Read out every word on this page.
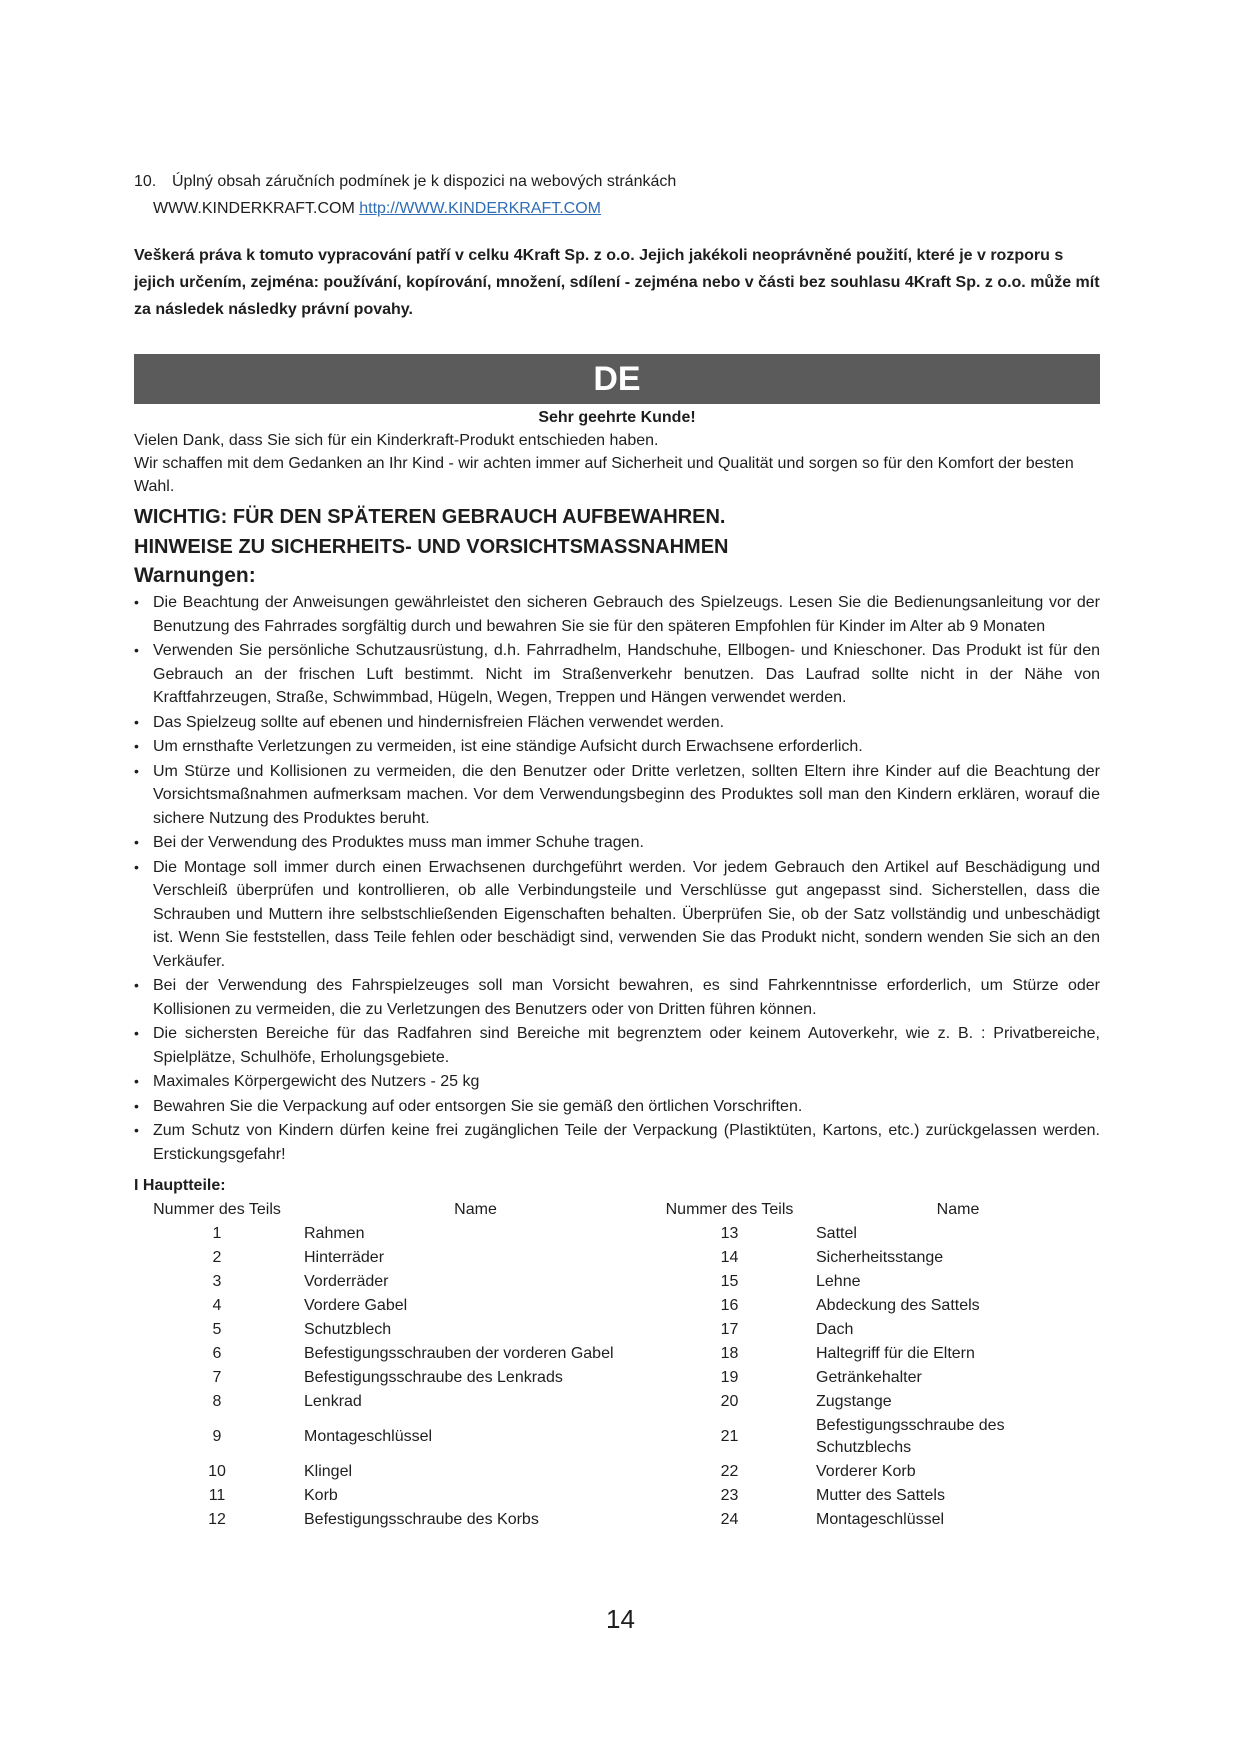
10. Úplný obsah záručních podmínek je k dispozici na webových stránkách
WWW.KINDERKRAFT.COM http://WWW.KINDERKRAFT.COM
Veškerá práva k tomuto vypracování patří v celku 4Kraft Sp. z o.o. Jejich jakékoli neoprávněné použití, které je v rozporu s jejich určením, zejména: používání, kopírování, množení, sdílení - zejména nebo v části bez souhlasu 4Kraft Sp. z o.o. může mít za následek následky právní povahy.
DE
Sehr geehrte Kunde!
Vielen Dank, dass Sie sich für ein Kinderkraft-Produkt entschieden haben.
Wir schaffen mit dem Gedanken an Ihr Kind - wir achten immer auf Sicherheit und Qualität und sorgen so für den Komfort der besten Wahl.
WICHTIG: FÜR DEN SPÄTEREN GEBRAUCH AUFBEWAHREN.
HINWEISE ZU SICHERHEITS- UND VORSICHTSMASSNAHMEN
Warnungen:
• Die Beachtung der Anweisungen gewährleistet den sicheren Gebrauch des Spielzeugs. Lesen Sie die Bedienungsanleitung vor der Benutzung des Fahrrades sorgfältig durch und bewahren Sie sie für den späteren Empfohlen für Kinder im Alter ab 9 Monaten
• Verwenden Sie persönliche Schutzausrüstung, d.h. Fahrradhelm, Handschuhe, Ellbogen- und Knieschoner. Das Produkt ist für den Gebrauch an der frischen Luft bestimmt. Nicht im Straßenverkehr benutzen. Das Laufrad sollte nicht in der Nähe von Kraftfahrzeugen, Straße, Schwimmbad, Hügeln, Wegen, Treppen und Hängen verwendet werden.
• Das Spielzeug sollte auf ebenen und hindernisfreien Flächen verwendet werden.
• Um ernsthafte Verletzungen zu vermeiden, ist eine ständige Aufsicht durch Erwachsene erforderlich.
• Um Stürze und Kollisionen zu vermeiden, die den Benutzer oder Dritte verletzen, sollten Eltern ihre Kinder auf die Beachtung der Vorsichtsmaßnahmen aufmerksam machen. Vor dem Verwendungsbeginn des Produktes soll man den Kindern erklären, worauf die sichere Nutzung des Produktes beruht.
• Bei der Verwendung des Produktes muss man immer Schuhe tragen.
• Die Montage soll immer durch einen Erwachsenen durchgeführt werden. Vor jedem Gebrauch den Artikel auf Beschädigung und Verschleiß überprüfen und kontrollieren, ob alle Verbindungsteile und Verschlüsse gut angepasst sind. Sicherstellen, dass die Schrauben und Muttern ihre selbstschließenden Eigenschaften behalten. Überprüfen Sie, ob der Satz vollständig und unbeschädigt ist. Wenn Sie feststellen, dass Teile fehlen oder beschädigt sind, verwenden Sie das Produkt nicht, sondern wenden Sie sich an den Verkäufer.
• Bei der Verwendung des Fahrspielzeuges soll man Vorsicht bewahren, es sind Fahrkenntnisse erforderlich, um Stürze oder Kollisionen zu vermeiden, die zu Verletzungen des Benutzers oder von Dritten führen können.
• Die sichersten Bereiche für das Radfahren sind Bereiche mit begrenztem oder keinem Autoverkehr, wie z. B. : Privatbereiche, Spielplätze, Schulhöfe, Erholungsgebiete.
• Maximales Körpergewicht des Nutzers - 25 kg
• Bewahren Sie die Verpackung auf oder entsorgen Sie sie gemäß den örtlichen Vorschriften.
• Zum Schutz von Kindern dürfen keine frei zugänglichen Teile der Verpackung (Plastiktüten, Kartons, etc.) zurückgelassen werden. Erstickungsgefahr!
I Hauptteile:
Nummer des Teils	Name	Nummer des Teils	Name
1	Rahmen	13	Sattel
2	Hinterräder	14	Sicherheitsstange
3	Vorderräder	15	Lehne
4	Vordere Gabel	16	Abdeckung des Sattels
5	Schutzblech	17	Dach
6	Befestigungsschrauben der vorderen Gabel	18	Haltegriff für die Eltern
7	Befestigungsschraube des Lenkrads	19	Getränkehalter
8	Lenkrad	20	Zugstange
9	Montageschlüssel	21	Befestigungsschraube des Schutzblechs
10	Klingel	22	Vorderer Korb
11	Korb	23	Mutter des Sattels
12	Befestigungsschraube des Korbs	24	Montageschlüssel
14
